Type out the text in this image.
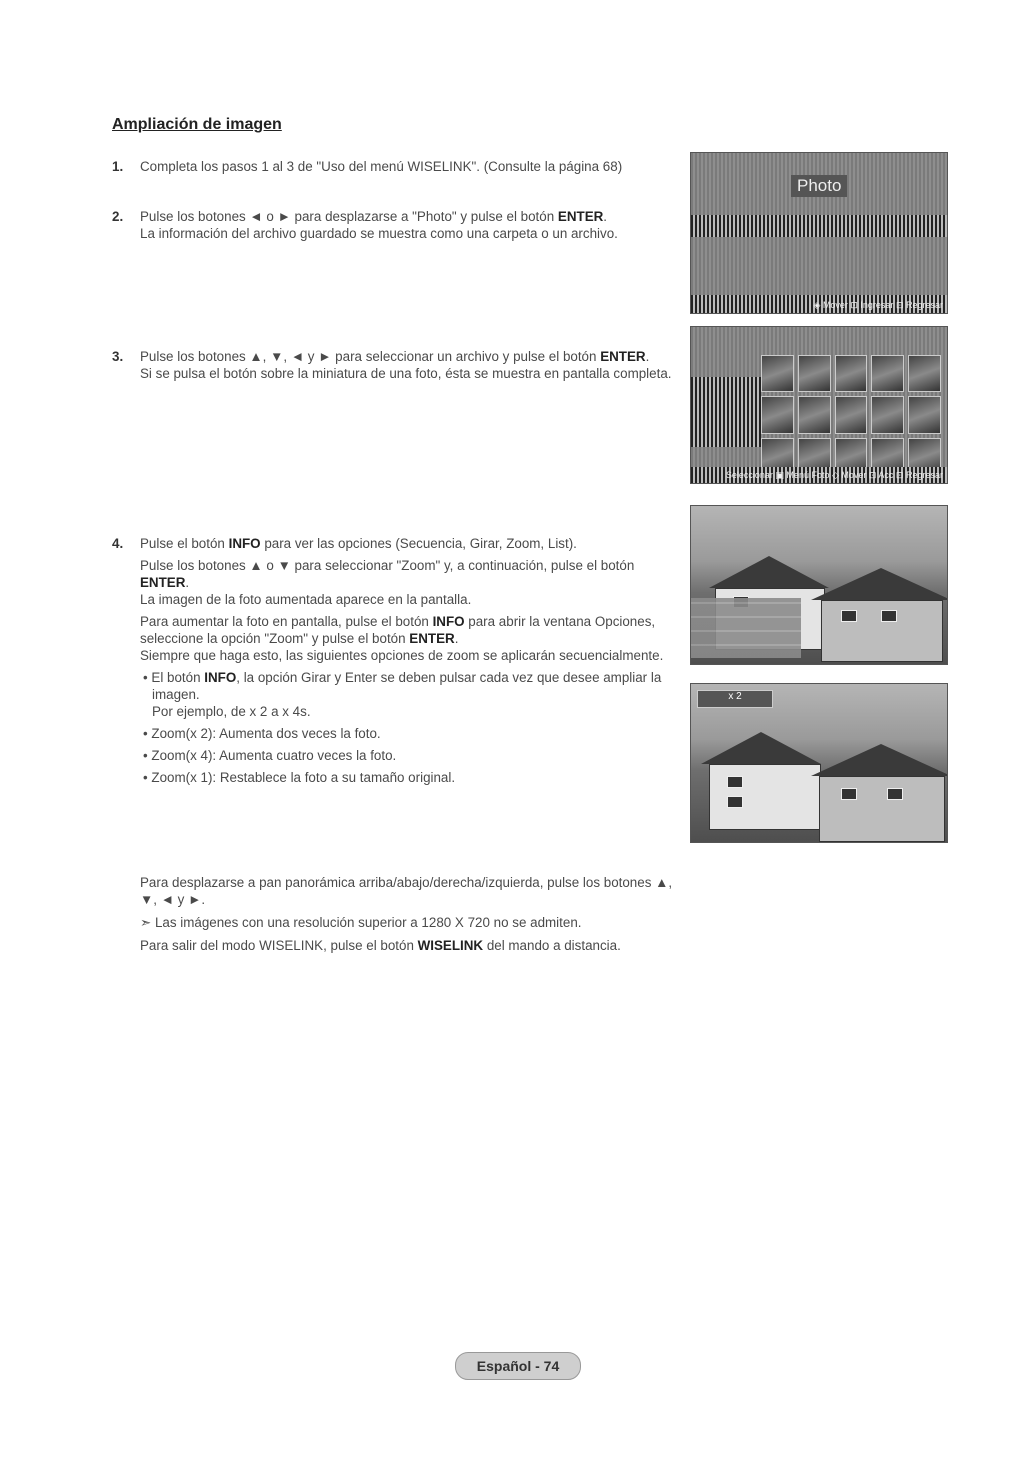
Ampliación de imagen
1. Completa los pasos 1 al 3 de "Uso del menú WISELINK". (Consulte la página 68)

2. Pulse los botones ◄ o ► para desplazarse a "Photo" y pulse el botón ENTER.

La información del archivo guardado se muestra como una carpeta o un archivo.

3. Pulse los botones ▲, ▼, ◄ y ► para seleccionar un archivo y pulse el botón ENTER.

Si se pulsa el botón sobre la miniatura de una foto, ésta se muestra en pantalla completa.

4. Pulse el botón INFO para ver las opciones (Secuencia, Girar, Zoom, List).

Pulse los botones ▲ o ▼ para seleccionar "Zoom" y, a continuación, pulse el botón ENTER.
La imagen de la foto aumentada aparece en la pantalla.

Para aumentar la foto en pantalla, pulse el botón INFO para abrir la ventana Opciones, seleccione la opción "Zoom" y pulse el botón ENTER.
Siempre que haga esto, las siguientes opciones de zoom se aplicarán secuencialmente.

• El botón INFO, la opción Girar y Enter se deben pulsar cada vez que desee ampliar la imagen.
Por ejemplo, de x 2 a x 4s.

• Zoom(x 2): Aumenta dos veces la foto.

• Zoom(x 4): Aumenta cuatro veces la foto.

• Zoom(x 1): Restablece la foto a su tamaño original.

Para desplazarse a pan panorámica arriba/abajo/derecha/izquierda, pulse los botones ▲, ▼, ◄ y ►.

➣ Las imágenes con una resolución superior a 1280 X 720 no se admiten.

Para salir del modo WISELINK, pulse el botón WISELINK del mando a distancia.

Photo
◈ Mover ⊡ Ingresar ⊡ Regresar
Seleccionar ▣ Menú Foto ◇ Mover ⊡ Acc ⊡ Regresar
x 2
Español - 74
